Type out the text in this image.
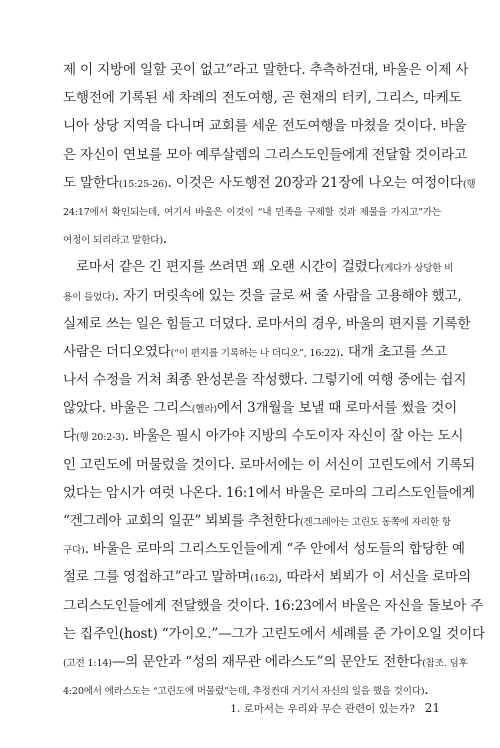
제 이 지방에 일할 곳이 없고”라고 말한다. 추측하건대, 바울은 이제 사
도행전에 기록된 세 차례의 전도여행, 곧 현재의 터키, 그리스, 마케도
니아 상당 지역을 다니며 교회를 세운 전도여행을 마쳤을 것이다. 바울
은 자신이 연보를 모아 예루살렘의 그리스도인들에게 전달할 것이라고
도 말한다(15:25-26). 이것은 사도행전 20장과 21장에 나오는 여정이다(행
24:17에서 확인되는데, 여기서 바울은 이것이 “내 민족을 구제할 것과 제물을 가지고”가는
여정이 되리라고 말한다).
로마서 같은 긴 편지를 쓰려면 꽤 오랜 시간이 걸렸다(게다가 상당한 비
용이 들었다). 자기 머릿속에 있는 것을 글로 써 줄 사람을 고용해야 했고,
실제로 쓰는 일은 힘들고 더뎠다. 로마서의 경우, 바울의 편지를 기록한
사람은 더디오였다(“이 편지를 기록하는 나 더디오”, 16:22). 대개 초고를 쓰고
나서 수정을 거쳐 최종 완성본을 작성했다. 그렇기에 여행 중에는 쉽지
않았다. 바울은 그리스(헬라)에서 3개월을 보낼 때 로마서를 썼을 것이
다(행 20:2-3). 바울은 필시 아가야 지방의 수도이자 자신이 잘 아는 도시
인 고린도에 머물렀을 것이다. 로마서에는 이 서신이 고린도에서 기록되
었다는 암시가 여럿 나온다. 16:1에서 바울은 로마의 그리스도인들에게
“겐그레아 교회의 일꾼” 뵈뵈를 추천한다(겐그레아는 고린도 동쪽에 자리한 항
구다). 바울은 로마의 그리스도인들에게 “주 안에서 성도들의 합당한 예
절로 그를 영접하고”라고 말하며(16:2), 따라서 뵈뵈가 이 서신을 로마의
그리스도인들에게 전달했을 것이다. 16:23에서 바울은 자신을 돌보아 주
는 집주인(host) “가이오.”—그가 고린도에서 세례를 준 가이오일 것이다
(고전 1:14)—의 문안과 “성의 재무관 에라스도”의 문안도 전한다(참조. 딤후
4:20에서 에라스도는 “고린도에 머물렀”는데, 추정컨대 거기서 자신의 일을 했을 것이다).
1. 로마서는 우리와 무슨 관련이 있는가? 21
